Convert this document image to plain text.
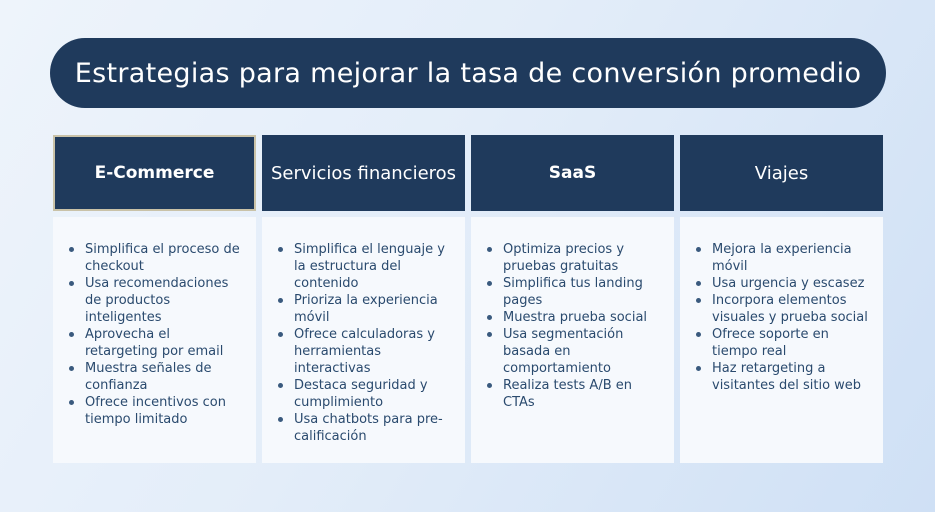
Estrategias para mejorar la tasa de conversión promedio
E-Commerce
Simplifica el proceso de checkout
Usa recomendaciones de productos inteligentes
Aprovecha el retargeting por email
Muestra señales de confianza
Ofrece incentivos con tiempo limitado
Servicios financieros
Simplifica el lenguaje y la estructura del contenido
Prioriza la experiencia móvil
Ofrece calculadoras y herramientas interactivas
Destaca seguridad y cumplimiento
Usa chatbots para pre-calificación
SaaS
Optimiza precios y pruebas gratuitas
Simplifica tus landing pages
Muestra prueba social
Usa segmentación basada en comportamiento
Realiza tests A/B en CTAs
Viajes
Mejora la experiencia móvil
Usa urgencia y escasez
Incorpora elementos visuales y prueba social
Ofrece soporte en tiempo real
Haz retargeting a visitantes del sitio web
